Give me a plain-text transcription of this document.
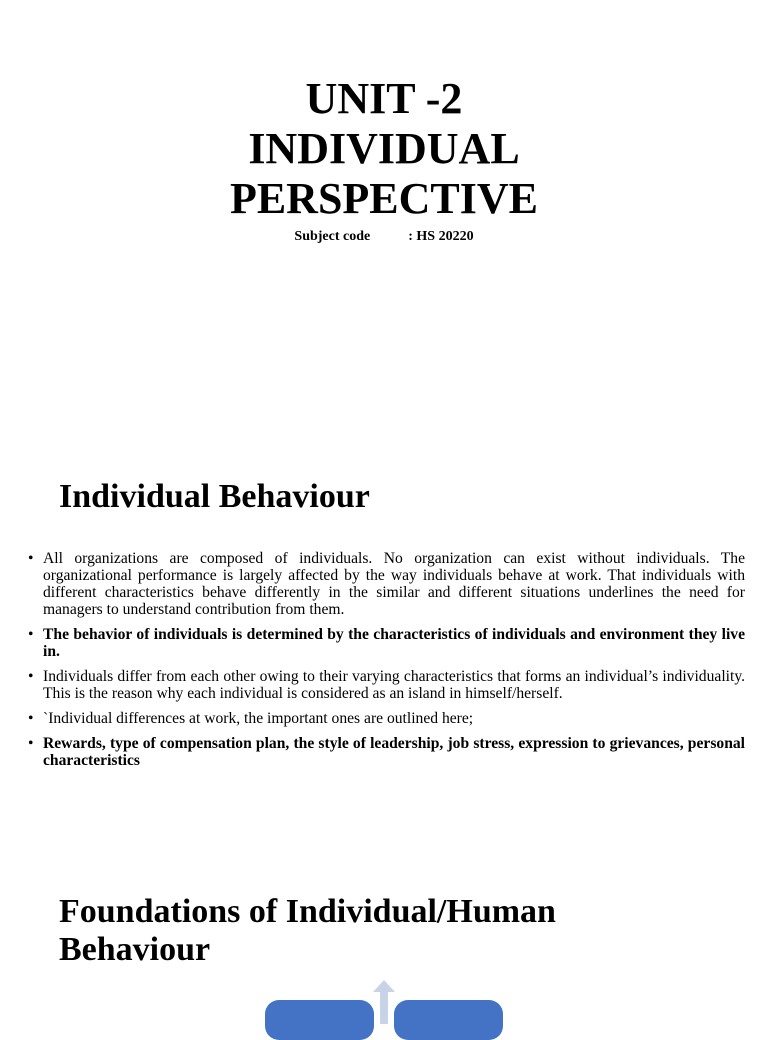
UNIT -2
INDIVIDUAL
PERSPECTIVE
Subject code	: HS 20220
Individual Behaviour
• All organizations are composed of individuals. No organization can exist without individuals. The organizational performance is largely affected by the way individuals behave at work. That individuals with different characteristics behave differently in the similar and different situations underlines the need for managers to understand contribution from them.
• The behavior of individuals is determined by the characteristics of individuals and environment they live in.
• Individuals differ from each other owing to their varying characteristics that forms an individual’s individuality. This is the reason why each individual is considered as an island in himself/herself.
• `Individual differences at work, the important ones are outlined here;
• Rewards, type of compensation plan, the style of leadership, job stress, expression to grievances, personal characteristics
Foundations of Individual/Human
Behaviour
